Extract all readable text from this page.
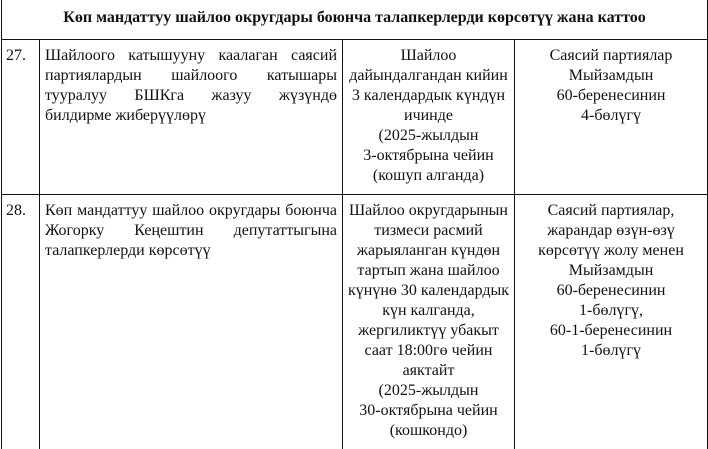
Көп мандаттуу шайлоо округдары боюнча талапкерлерди көрсөтүү жана каттоо
27.	Шайлоого катышууну каалаган саясий
партиялардын шайлоого катышары
тууралуу БШКга жазуу жүзүндө
билдирме жиберүүлөрү
Шайлоо
дайындалгандан кийин
3 календардык күндүн
ичинде
(2025-жылдын
3-октябрына чейин
(кошуп алганда)
Саясий партиялар
Мыйзамдын
60-беренесинин
4-бөлүгү
28.	Көп мандаттуу шайлоо округдары боюнча
Жогорку Кеңештин депутаттыгына
талапкерлерди көрсөтүү
Шайлоо округдарынын
тизмеси расмий
жарыяланган күндөн
тартып жана шайлоо
күнүнө 30 календардык
күн калганда,
жергиликтүү убакыт
саат 18:00гө чейин
аяктайт
(2025-жылдын
30-октябрына чейин
(кошкондо)
Саясий партиялар,
жарандар өзүн-өзү
көрсөтүү жолу менен
Мыйзамдын
60-беренесинин
1-бөлүгү,
60-1-беренесинин
1-бөлүгү
